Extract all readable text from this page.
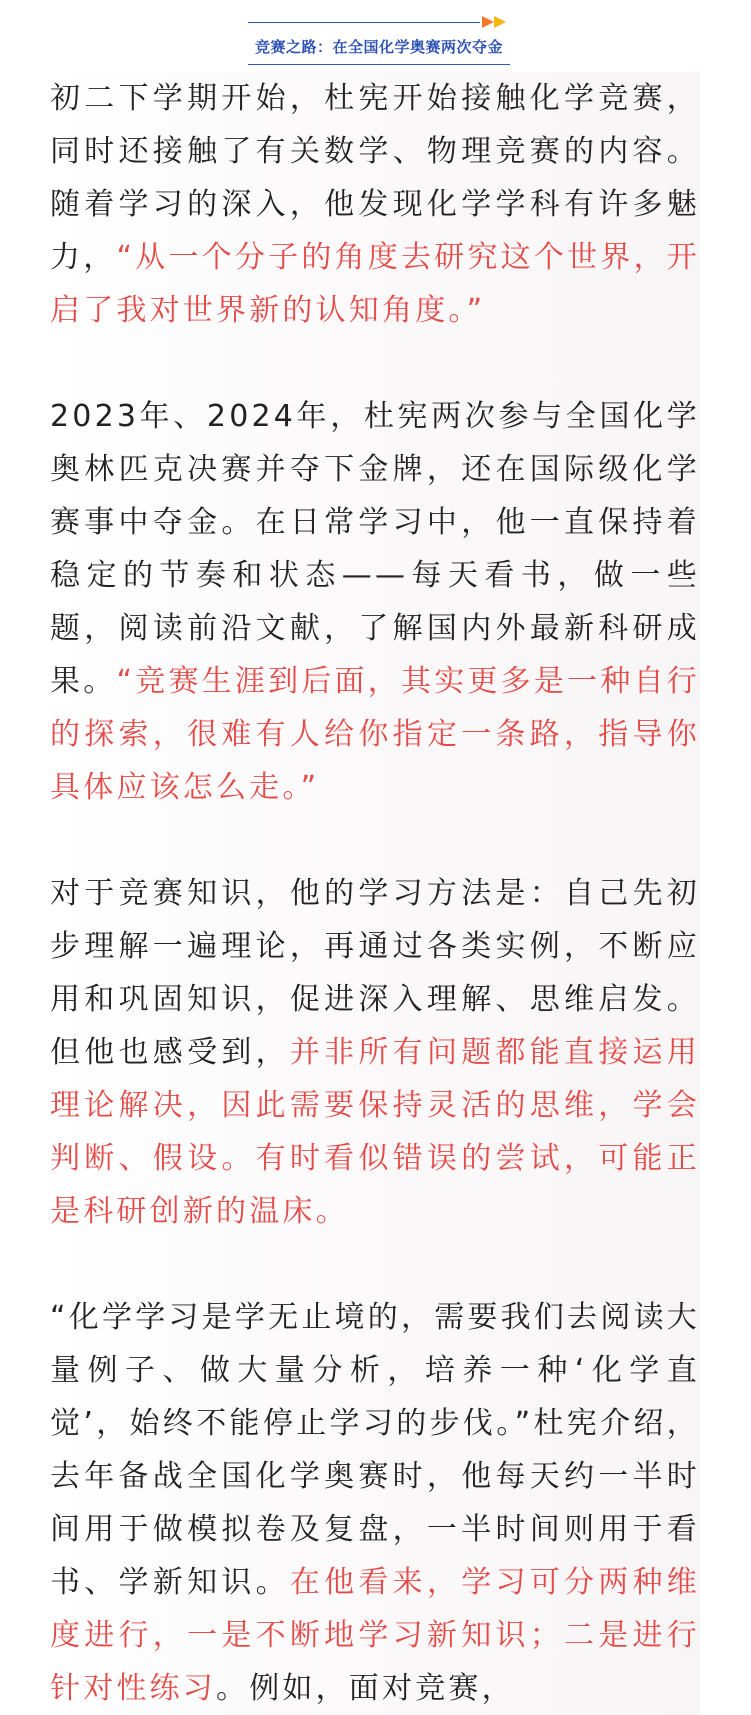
竞赛之路：在全国化学奥赛两次夺金

初二下学期开始，杜宪开始接触化学竞赛，同时还接触了有关数学、物理竞赛的内容。随着学习的深入，他发现化学学科有许多魅力，“从一个分子的角度去研究这个世界，开启了我对世界新的认知角度。”

2023年、2024年，杜宪两次参与全国化学奥林匹克决赛并夺下金牌，还在国际级化学赛事中夺金。在日常学习中，他一直保持着稳定的节奏和状态——每天看书，做一些题，阅读前沿文献，了解国内外最新科研成果。“竞赛生涯到后面，其实更多是一种自行的探索，很难有人给你指定一条路，指导你具体应该怎么走。”

对于竞赛知识，他的学习方法是：自己先初步理解一遍理论，再通过各类实例，不断应用和巩固知识，促进深入理解、思维启发。但他也感受到，并非所有问题都能直接运用理论解决，因此需要保持灵活的思维，学会判断、假设。有时看似错误的尝试，可能正是科研创新的温床。

“化学学习是学无止境的，需要我们去阅读大量例子、做大量分析，培养一种‘化学直觉’，始终不能停止学习的步伐。”杜宪介绍，去年备战全国化学奥赛时，他每天约一半时间用于做模拟卷及复盘，一半时间则用于看书、学新知识。在他看来，学习可分两种维度进行，一是不断地学习新知识；二是进行针对性练习。例如，面对竞赛，
